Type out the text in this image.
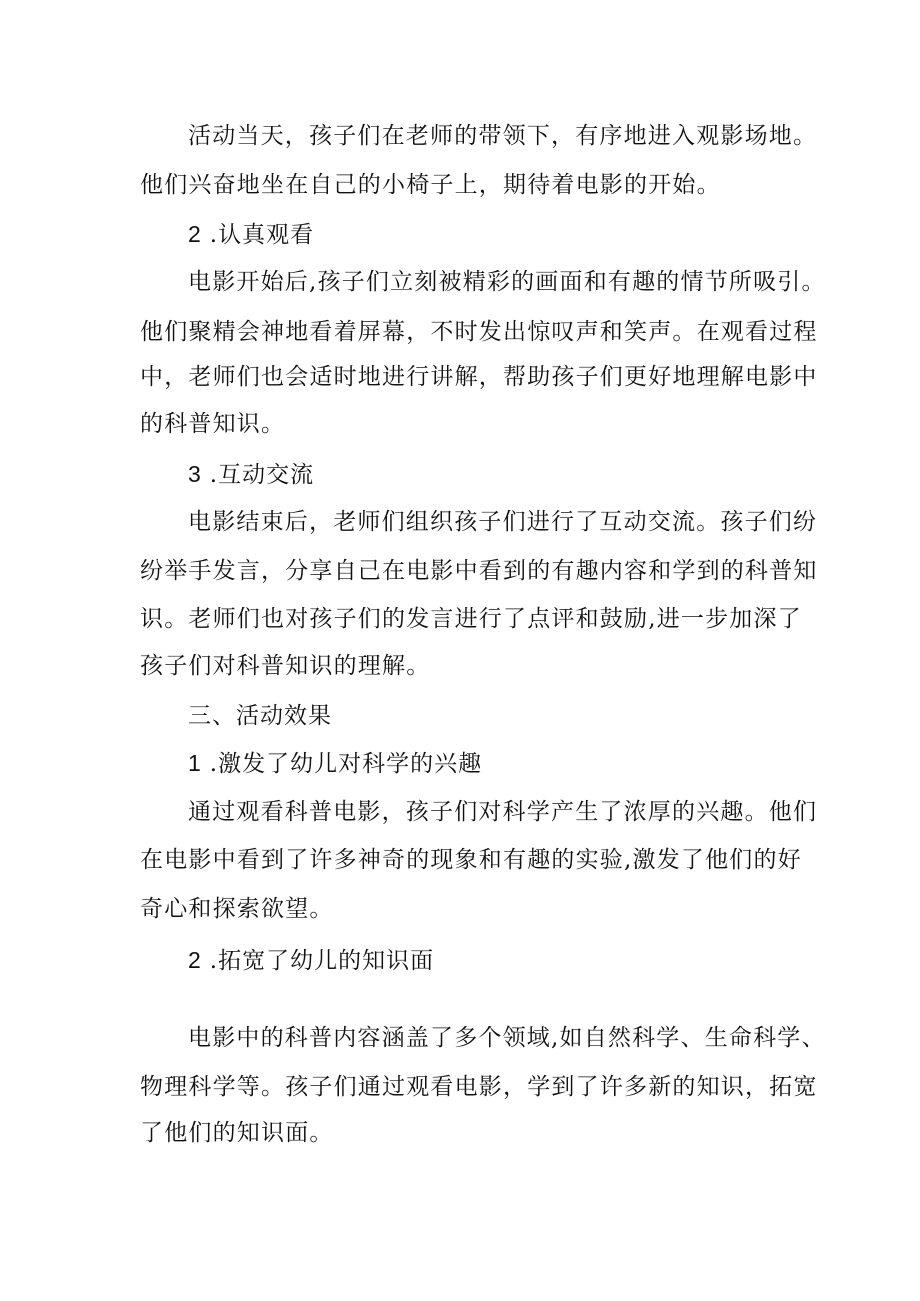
活动当天，孩子们在老师的带领下，有序地进入观影场地。
他们兴奋地坐在自己的小椅子上，期待着电影的开始。
2 .认真观看
电影开始后,孩子们立刻被精彩的画面和有趣的情节所吸引。
他们聚精会神地看着屏幕，不时发出惊叹声和笑声。在观看过程
中，老师们也会适时地进行讲解，帮助孩子们更好地理解电影中
的科普知识。
3 .互动交流
电影结束后，老师们组织孩子们进行了互动交流。孩子们纷
纷举手发言，分享自己在电影中看到的有趣内容和学到的科普知
识。老师们也对孩子们的发言进行了点评和鼓励,进一步加深了
孩子们对科普知识的理解。
三、活动效果
1 .激发了幼儿对科学的兴趣
通过观看科普电影，孩子们对科学产生了浓厚的兴趣。他们
在电影中看到了许多神奇的现象和有趣的实验,激发了他们的好
奇心和探索欲望。
2 .拓宽了幼儿的知识面
电影中的科普内容涵盖了多个领域,如自然科学、生命科学、
物理科学等。孩子们通过观看电影，学到了许多新的知识，拓宽
了他们的知识面。
